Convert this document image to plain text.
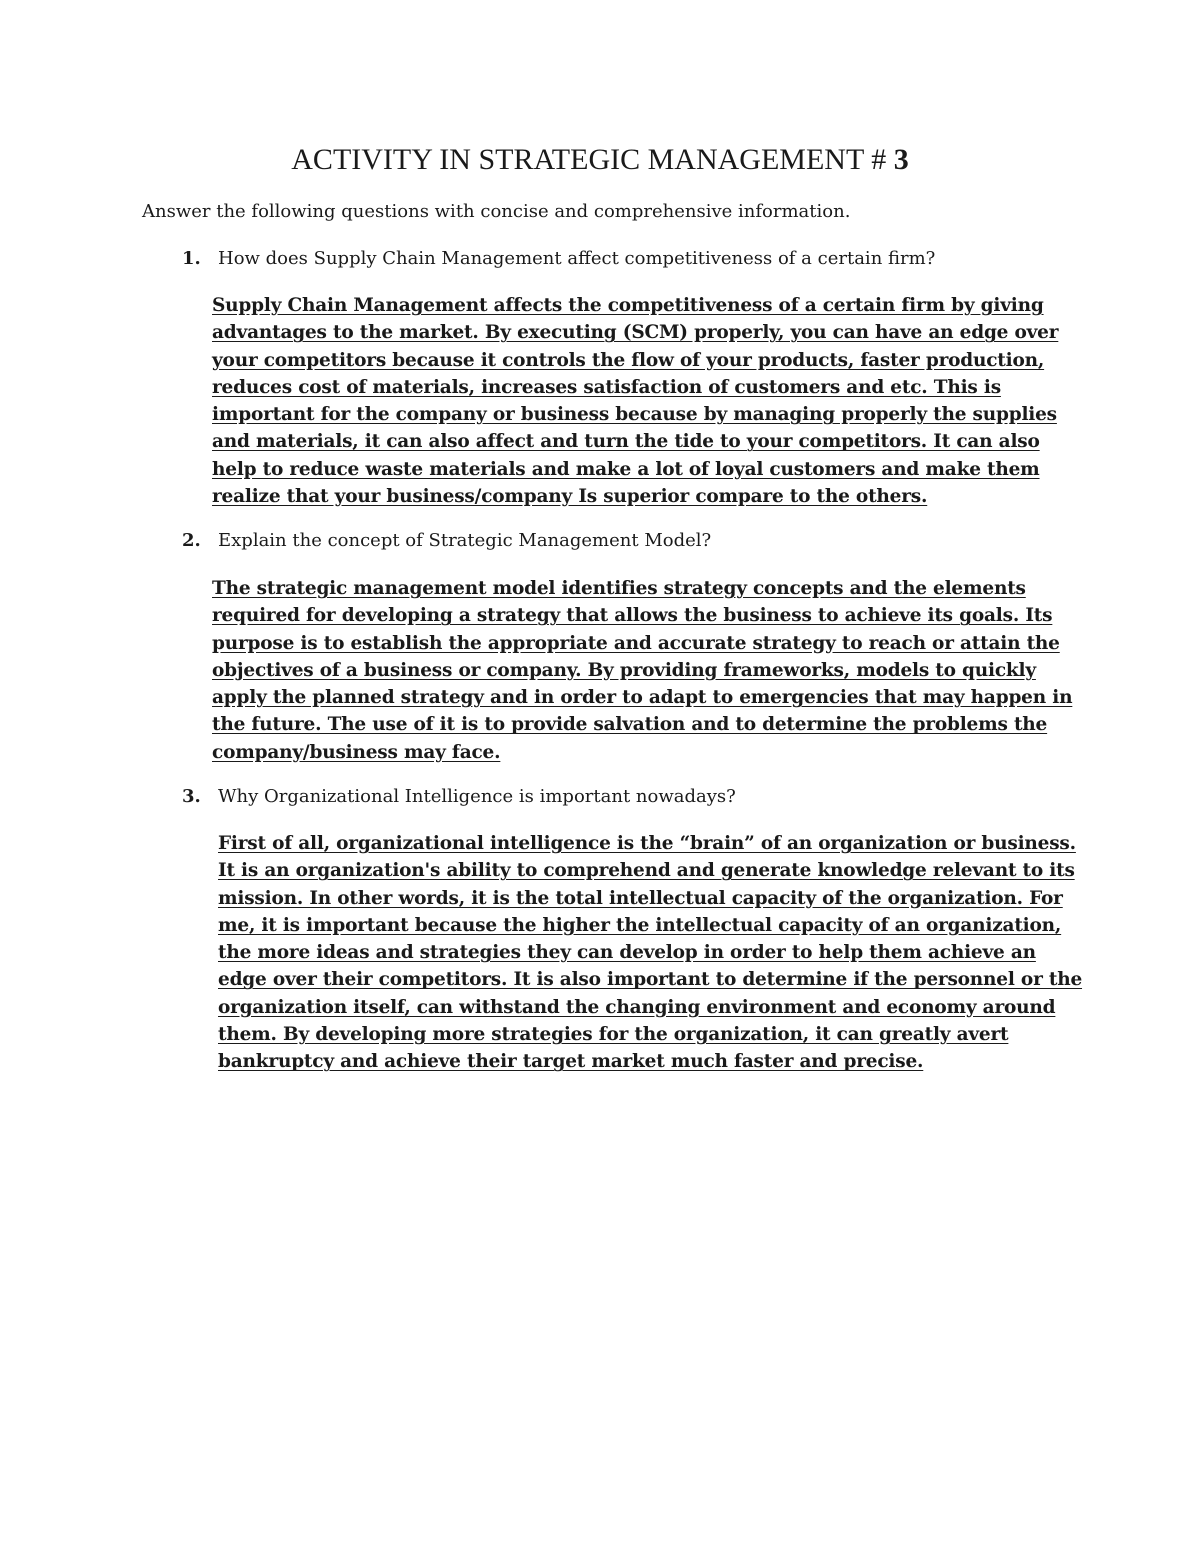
ACTIVITY IN STRATEGIC MANAGEMENT # 3

Answer the following questions with concise and comprehensive information.

1. How does Supply Chain Management affect competitiveness of a certain firm?
Supply Chain Management affects the competitiveness of a certain firm by giving
advantages to the market. By executing (SCM) properly, you can have an edge over
your competitors because it controls the flow of your products, faster production,
reduces cost of materials, increases satisfaction of customers and etc. This is
important for the company or business because by managing properly the supplies
and materials, it can also affect and turn the tide to your competitors. It can also
help to reduce waste materials and make a lot of loyal customers and make them
realize that your business/company Is superior compare to the others.
2. Explain the concept of Strategic Management Model?
The strategic management model identifies strategy concepts and the elements
required for developing a strategy that allows the business to achieve its goals. Its
purpose is to establish the appropriate and accurate strategy to reach or attain the
objectives of a business or company. By providing frameworks, models to quickly
apply the planned strategy and in order to adapt to emergencies that may happen in
the future. The use of it is to provide salvation and to determine the problems the
company/business may face.
3. Why Organizational Intelligence is important nowadays?
First of all, organizational intelligence is the “brain” of an organization or business.
It is an organization's ability to comprehend and generate knowledge relevant to its
mission. In other words, it is the total intellectual capacity of the organization. For
me, it is important because the higher the intellectual capacity of an organization,
the more ideas and strategies they can develop in order to help them achieve an
edge over their competitors. It is also important to determine if the personnel or the
organization itself, can withstand the changing environment and economy around
them. By developing more strategies for the organization, it can greatly avert
bankruptcy and achieve their target market much faster and precise.
